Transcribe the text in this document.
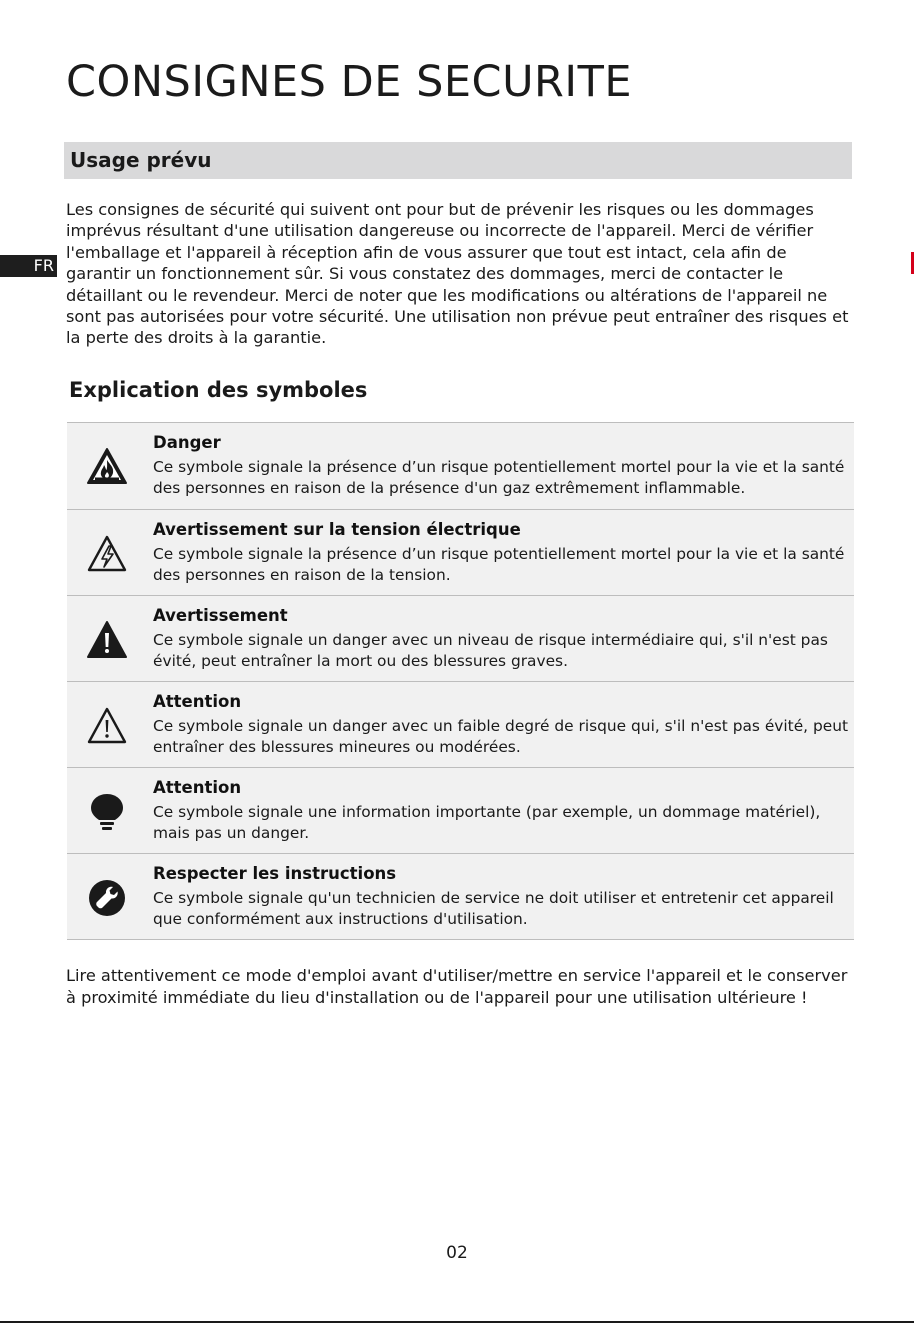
CONSIGNES DE SECURITE
Usage prévu
FR

Les consignes de sécurité qui suivent ont pour but de prévenir les risques ou les dommages imprévus résultant d'une utilisation dangereuse ou incorrecte de l'appareil. Merci de vérifier l'emballage et l'appareil à réception afin de vous assurer que tout est intact, cela afin de garantir un fonctionnement sûr. Si vous constatez des dommages, merci de contacter le détaillant ou le revendeur. Merci de noter que les modifications ou altérations de l'appareil ne sont pas autorisées pour votre sécurité. Une utilisation non prévue peut entraîner des risques et la perte des droits à la garantie.

Explication des symboles
Danger
Ce symbole signale la présence d’un risque potentiellement mortel pour la vie et la santé des personnes en raison de la présence d'un gaz extrêmement inflammable.
Avertissement sur la tension électrique
Ce symbole signale la présence d’un risque potentiellement mortel pour la vie et la santé des personnes en raison de la tension.
Avertissement
Ce symbole signale un danger avec un niveau de risque intermédiaire qui, s'il n'est pas évité, peut entraîner la mort ou des blessures graves.
Attention
Ce symbole signale un danger avec un faible degré de risque qui, s'il n'est pas évité, peut entraîner des blessures mineures ou modérées.
Attention
Ce symbole signale une information importante (par exemple, un dommage matériel), mais pas un danger.
Respecter les instructions
Ce symbole signale qu'un technicien de service ne doit utiliser et entretenir cet appareil que conformément aux instructions d'utilisation.

Lire attentivement ce mode d'emploi avant d'utiliser/mettre en service l'appareil et le conserver à proximité immédiate du lieu d'installation ou de l'appareil pour une utilisation ultérieure !

02
